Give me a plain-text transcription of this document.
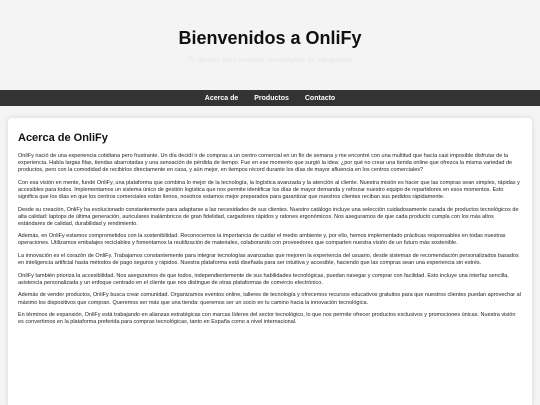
Bienvenidos a OnliFy

Tu destino para compras tecnológicas de vanguardia

Acerca de Productos Contacto
Acerca de OnliFy

OnliFy nació de una experiencia cotidiana pero frustrante. Un día decidí ir de compras a un centro comercial en un fin de semana y me encontré con una multitud que hacía casi imposible disfrutar de la experiencia. Había largas filas, tiendas abarrotadas y una sensación de pérdida de tiempo. Fue en ese momento que surgió la idea: ¿por qué no crear una tienda online que ofrezca la misma variedad de productos, pero con la comodidad de recibirlos directamente en casa, y aún mejor, en tiempos récord durante los días de mayor afluencia en los centros comerciales?

Con esa visión en mente, fundé OnliFy, una plataforma que combina lo mejor de la tecnología, la logística avanzada y la atención al cliente. Nuestra misión es hacer que las compras sean simples, rápidas y accesibles para todos. Implementamos un sistema único de gestión logística que nos permite identificar los días de mayor demanda y reforzar nuestro equipo de repartidores en esos momentos. Esto significa que los días en que los centros comerciales están llenos, nosotros estamos mejor preparados para garantizar que nuestros clientes reciban sus pedidos rápidamente.

Desde su creación, OnliFy ha evolucionado constantemente para adaptarse a las necesidades de sus clientes. Nuestro catálogo incluye una selección cuidadosamente curada de productos tecnológicos de alta calidad: laptops de última generación, auriculares inalámbricos de gran fidelidad, cargadores rápidos y ratones ergonómicos. Nos aseguramos de que cada producto cumpla con los más altos estándares de calidad, durabilidad y rendimiento.

Además, en OnliFy estamos comprometidos con la sostenibilidad. Reconocemos la importancia de cuidar el medio ambiente y, por ello, hemos implementado prácticas responsables en todas nuestras operaciones. Utilizamos embalajes reciclables y fomentamos la reutilización de materiales, colaborando con proveedores que comparten nuestra visión de un futuro más sostenible.

La innovación es el corazón de OnliFy. Trabajamos constantemente para integrar tecnologías avanzadas que mejoren la experiencia del usuario, desde sistemas de recomendación personalizados basados en inteligencia artificial hasta métodos de pago seguros y rápidos. Nuestra plataforma está diseñada para ser intuitiva y accesible, haciendo que las compras sean una experiencia sin estrés.

OnliFy también prioriza la accesibilidad. Nos aseguramos de que todos, independientemente de sus habilidades tecnológicas, puedan navegar y comprar con facilidad. Esto incluye una interfaz sencilla, asistencia personalizada y un enfoque centrado en el cliente que nos distingue de otras plataformas de comercio electrónico.

Además de vender productos, OnliFy busca crear comunidad. Organizamos eventos online, talleres de tecnología y ofrecemos recursos educativos gratuitos para que nuestros clientes puedan aprovechar al máximo los dispositivos que compran. Queremos ser más que una tienda: queremos ser un socio en tu camino hacia la innovación tecnológica.

En términos de expansión, OnliFy está trabajando en alianzas estratégicas con marcas líderes del sector tecnológico, lo que nos permite ofrecer productos exclusivos y promociones únicas. Nuestra visión es convertirnos en la plataforma preferida para compras tecnológicas, tanto en España como a nivel internacional.
